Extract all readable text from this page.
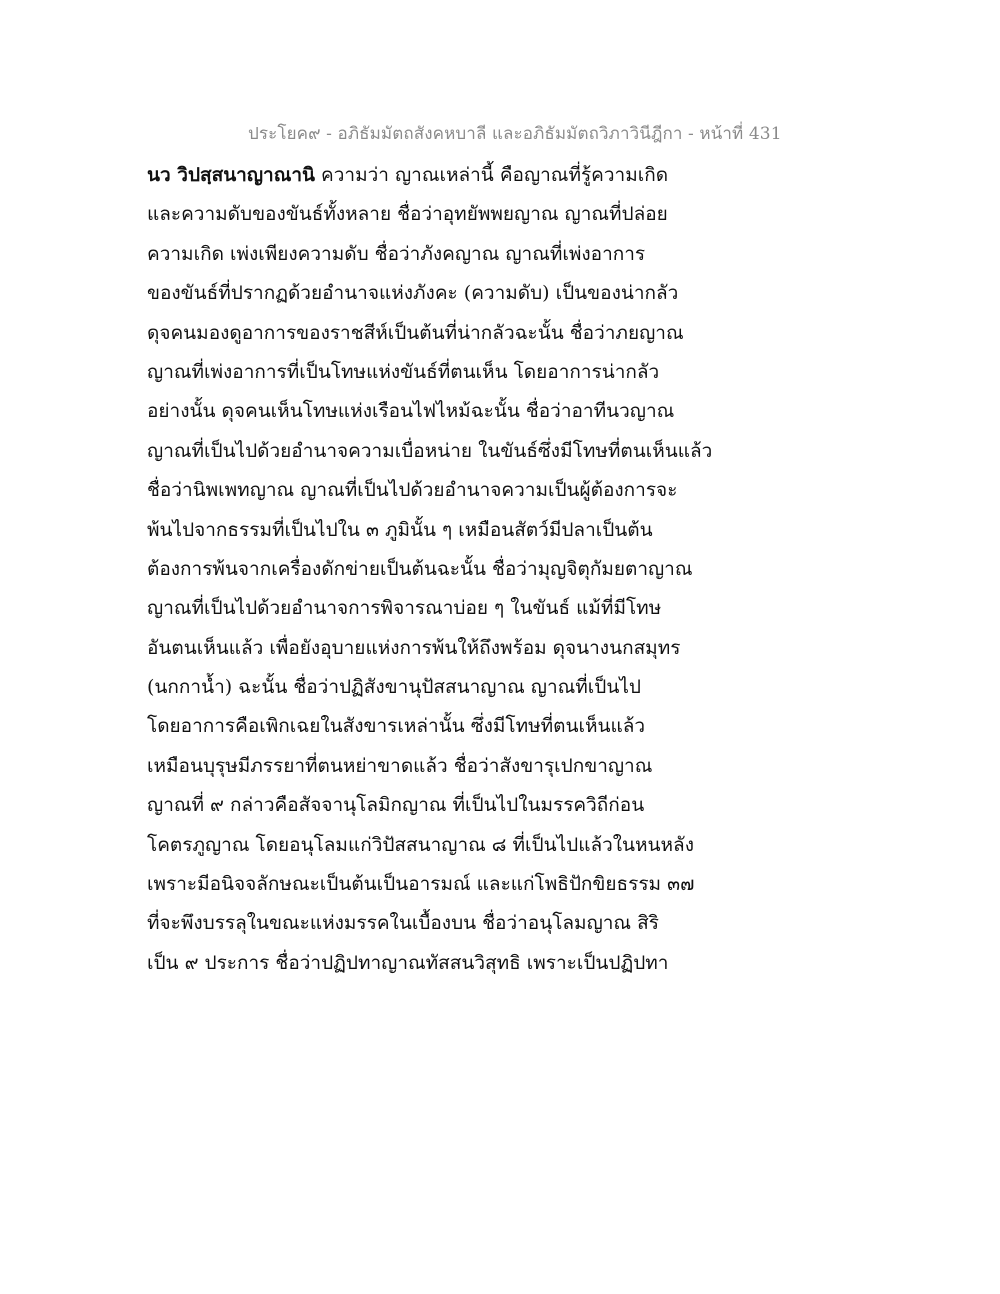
ประโยค๙ - อภิธัมมัตถสังคหบาลี และอภิธัมมัตถวิภาวินีฎีกา - หน้าที่ 431
นว วิปสฺสนาญาณานิ ความว่า ญาณเหล่านี้ คือญาณที่รู้ความเกิด
และความดับของขันธ์ทั้งหลาย ชื่อว่าอุทยัพพยญาณ ญาณที่ปล่อย
ความเกิด เพ่งเพียงความดับ ชื่อว่าภังคญาณ ญาณที่เพ่งอาการ
ของขันธ์ที่ปรากฏด้วยอำนาจแห่งภังคะ (ความดับ) เป็นของน่ากลัว
ดุจคนมองดูอาการของราชสีห์เป็นต้นที่น่ากลัวฉะนั้น ชื่อว่าภยญาณ
ญาณที่เพ่งอาการที่เป็นโทษแห่งขันธ์ที่ตนเห็น โดยอาการน่ากลัว
อย่างนั้น ดุจคนเห็นโทษแห่งเรือนไฟไหม้ฉะนั้น ชื่อว่าอาทีนวญาณ
ญาณที่เป็นไปด้วยอำนาจความเบื่อหน่าย ในขันธ์ซึ่งมีโทษที่ตนเห็นแล้ว
ชื่อว่านิพเพทญาณ ญาณที่เป็นไปด้วยอำนาจความเป็นผู้ต้องการจะ
พ้นไปจากธรรมที่เป็นไปใน ๓ ภูมินั้น ๆ เหมือนสัตว์มีปลาเป็นต้น
ต้องการพ้นจากเครื่องดักข่ายเป็นต้นฉะนั้น ชื่อว่ามุญจิตุกัมยตาญาณ
ญาณที่เป็นไปด้วยอำนาจการพิจารณาบ่อย ๆ ในขันธ์ แม้ที่มีโทษ
อันตนเห็นแล้ว เพื่อยังอุบายแห่งการพ้นให้ถึงพร้อม ดุจนางนกสมุทร
(นกกาน้ำ) ฉะนั้น ชื่อว่าปฏิสังขานุปัสสนาญาณ ญาณที่เป็นไป
โดยอาการคือเพิกเฉยในสังขารเหล่านั้น ซึ่งมีโทษที่ตนเห็นแล้ว
เหมือนบุรุษมีภรรยาที่ตนหย่าขาดแล้ว ชื่อว่าสังขารุเปกขาญาณ
ญาณที่ ๙ กล่าวคือสัจจานุโลมิกญาณ ที่เป็นไปในมรรควิถีก่อน
โคตรภูญาณ โดยอนุโลมแก่วิปัสสนาญาณ ๘ ที่เป็นไปแล้วในหนหลัง
เพราะมีอนิจจลักษณะเป็นต้นเป็นอารมณ์ และแก่โพธิปักขิยธรรม ๓๗
ที่จะพึงบรรลุในขณะแห่งมรรคในเบื้องบน ชื่อว่าอนุโลมญาณ สิริ
เป็น ๙ ประการ ชื่อว่าปฏิปทาญาณทัสสนวิสุทธิ เพราะเป็นปฏิปทา
